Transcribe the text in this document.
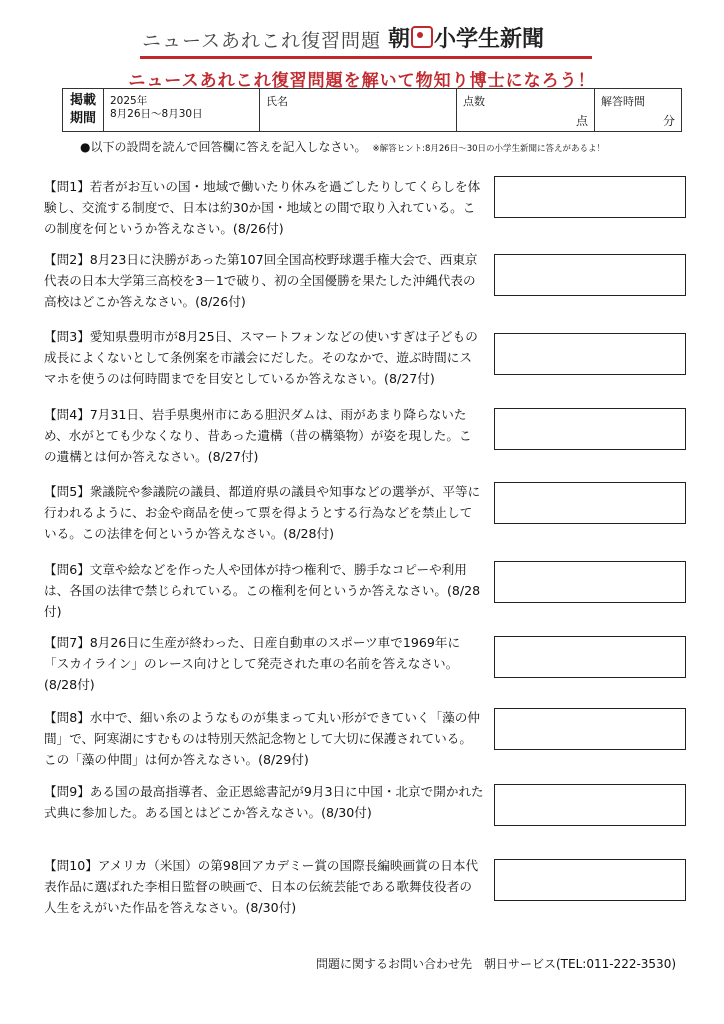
ニュースあれこれ復習問題 朝 小学生新聞
ニュースあれこれ復習問題を解いて物知り博士になろう！
掲載
期間
2025年
8月26日～8月30日
氏名	点数
点
解答時間
分
●以下の設問を読んで回答欄に答えを記入しなさい。 ※解答ヒント:8月26日～30日の小学生新聞に答えがあるよ！
【問1】若者がお互いの国・地域で働いたり休みを過ごしたりしてくらしを体験し、交流する制度で、日本は約30か国・地域との間で取り入れている。この制度を何というか答えなさい。(8/26付)
【問2】8月23日に決勝があった第107回全国高校野球選手権大会で、西東京代表の日本大学第三高校を3－1で破り、初の全国優勝を果たした沖縄代表の高校はどこか答えなさい。(8/26付)
【問3】愛知県豊明市が8月25日、スマートフォンなどの使いすぎは子どもの成長によくないとして条例案を市議会にだした。そのなかで、遊ぶ時間にスマホを使うのは何時間までを目安としているか答えなさい。(8/27付)
【問4】7月31日、岩手県奥州市にある胆沢ダムは、雨があまり降らないため、水がとても少なくなり、昔あった遺構（昔の構築物）が姿を現した。この遺構とは何か答えなさい。(8/27付)
【問5】衆議院や参議院の議員、都道府県の議員や知事などの選挙が、平等に行われるように、お金や商品を使って票を得ようとする行為などを禁止している。この法律を何というか答えなさい。(8/28付)
【問6】文章や絵などを作った人や団体が持つ権利で、勝手なコピーや利用は、各国の法律で禁じられている。この権利を何というか答えなさい。(8/28付)
【問7】8月26日に生産が終わった、日産自動車のスポーツ車で1969年に「スカイライン」のレース向けとして発売された車の名前を答えなさい。(8/28付)
【問8】水中で、細い糸のようなものが集まって丸い形ができていく「藻の仲間」で、阿寒湖にすむものは特別天然記念物として大切に保護されている。この「藻の仲間」は何か答えなさい。(8/29付)
【問9】ある国の最高指導者、金正恩総書記が9月3日に中国・北京で開かれた式典に参加した。ある国とはどこか答えなさい。(8/30付)
【問10】アメリカ（米国）の第98回アカデミー賞の国際長編映画賞の日本代表作品に選ばれた李相日監督の映画で、日本の伝統芸能である歌舞伎役者の人生をえがいた作品を答えなさい。(8/30付)
問題に関するお問い合わせ先　朝日サービス(TEL:011-222-3530)
